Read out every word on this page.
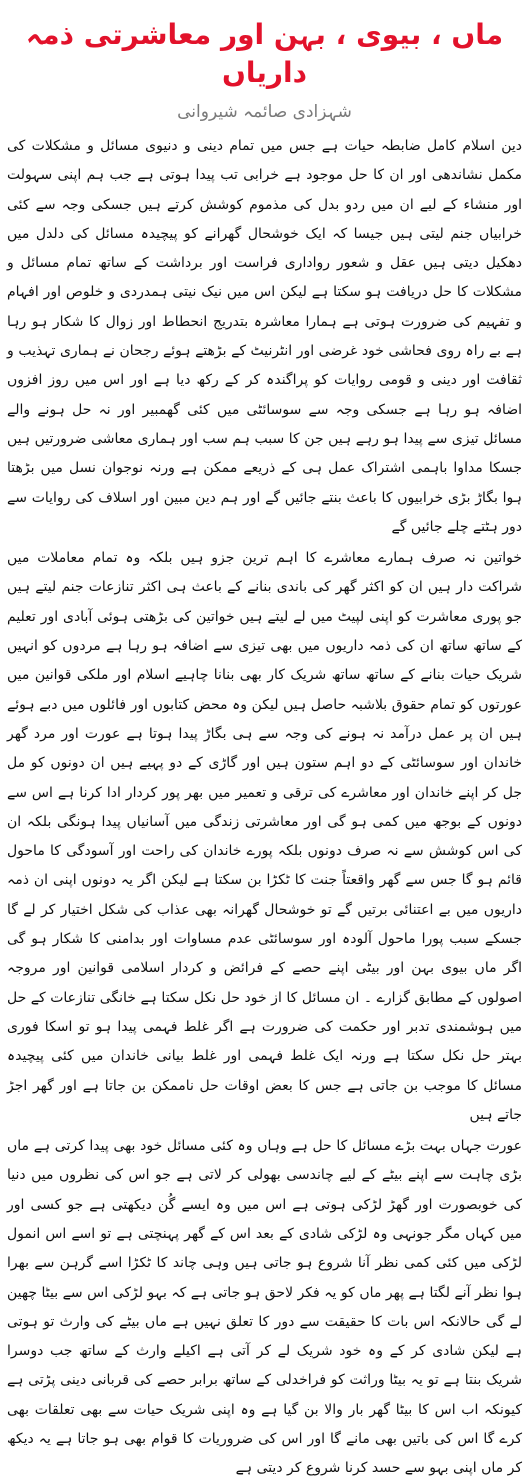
ماں ، بیوی ، بہن اور معاشرتی ذمہ داریاں

شہزادی صائمہ شیروانی

دین اسلام کامل ضابطہ حیات ہے جس میں تمام دینی و دنیوی مسائل و مشکلات کی مکمل نشاندھی اور ان کا حل موجود ہے خرابی تب پیدا ہوتی ہے جب ہم اپنی سہولت اور منشاء کے لیے ان میں ردو بدل کی مذموم کوشش کرتے ہیں جسکی وجہ سے کئی خرابیاں جنم لیتی ہیں جیسا کہ ایک خوشحال گھرانے کو پیچیدہ مسائل کی دلدل میں دھکیل دیتی ہیں عقل و شعور رواداری فراست اور برداشت کے ساتھ تمام مسائل و مشکلات کا حل دریافت ہو سکتا ہے لیکن اس میں نیک نیتی ہمدردی و خلوص اور افہام و تفہیم کی ضرورت ہوتی ہے ہمارا معاشرہ بتدریج انحطاط اور زوال کا شکار ہو رہا ہے بے راہ روی فحاشی خود غرضی اور انٹرنیٹ کے بڑھتے ہوئے رجحان نے ہماری تہذیب و ثقافت اور دینی و قومی روایات کو پراگندہ کر کے رکھ دیا ہے اور اس میں روز افزوں اضافہ ہو رہا ہے جسکی وجہ سے سوسائٹی میں کئی گھمبیر اور نہ حل ہونے والے مسائل تیزی سے پیدا ہو رہے ہیں جن کا سبب ہم سب اور ہماری معاشی ضرورتیں ہیں جسکا مداوا باہمی اشتراک عمل ہی کے ذریعے ممکن ہے ورنہ نوجوان نسل میں بڑھتا ہوا بگاڑ بڑی خرابیوں کا باعث بنتے جائیں گے اور ہم دین مبین اور اسلاف کی روایات سے دور ہٹتے چلے جائیں گے

خواتین نہ صرف ہمارے معاشرے کا اہم ترین جزو ہیں بلکہ وہ تمام معاملات میں شراکت دار ہیں ان کو اکثر گھر کی باندی بنانے کے باعث ہی اکثر تنازعات جنم لیتے ہیں جو پوری معاشرت کو اپنی لپیٹ میں لے لیتے ہیں خواتین کی بڑھتی ہوئی آبادی اور تعلیم کے ساتھ ساتھ ان کی ذمہ داریوں میں بھی تیزی سے اضافہ ہو رہا ہے مردوں کو انہیں شریک حیات بنانے کے ساتھ ساتھ شریک کار بھی بنانا چاہیے اسلام اور ملکی قوانین میں عورتوں کو تمام حقوق بلاشبہ حاصل ہیں لیکن وہ محض کتابوں اور فائلوں میں دبے ہوئے ہیں ان پر عمل درآمد نہ ہونے کی وجہ سے ہی بگاڑ پیدا ہوتا ہے عورت اور مرد گھر خاندان اور سوسائٹی کے دو اہم ستون ہیں اور گاڑی کے دو پہیے ہیں ان دونوں کو مل جل کر اپنے خاندان اور معاشرے کی ترقی و تعمیر میں بھر پور کردار ادا کرنا ہے اس سے دونوں کے بوجھ میں کمی ہو گی اور معاشرتی زندگی میں آسانیاں پیدا ہونگی بلکہ ان کی اس کوشش سے نہ صرف دونوں بلکہ پورے خاندان کی راحت اور آسودگی کا ماحول قائم ہو گا جس سے گھر واقعتاً جنت کا ٹکڑا بن سکتا ہے لیکن اگر یہ دونوں اپنی ان ذمہ داریوں میں بے اعتنائی برتیں گے تو خوشحال گھرانہ بھی عذاب کی شکل اختیار کر لے گا جسکے سبب پورا ماحول آلودہ اور سوسائٹی عدم مساوات اور بدامنی کا شکار ہو گی اگر ماں بیوی بہن اور بیٹی اپنے حصے کے فرائض و کردار اسلامی قوانین اور مروجہ اصولوں کے مطابق گزارے ۔ ان مسائل کا از خود حل نکل سکتا ہے خانگی تنازعات کے حل میں ہوشمندی تدبر اور حکمت کی ضرورت ہے اگر غلط فہمی پیدا ہو تو اسکا فوری بہتر حل نکل سکتا ہے ورنہ ایک غلط فہمی اور غلط بیانی خاندان میں کئی پیچیدہ مسائل کا موجب بن جاتی ہے جس کا بعض اوقات حل ناممکن بن جاتا ہے اور گھر اجڑ جاتے ہیں

عورت جہاں بہت بڑے مسائل کا حل ہے وہاں وہ کئی مسائل خود بھی پیدا کرتی ہے ماں بڑی چاہت سے اپنے بیٹے کے لیے چاندسی بھولی کر لاتی ہے جو اس کی نظروں میں دنیا کی خوبصورت اور گھڑ لڑکی ہوتی ہے اس میں وہ ایسے گُن دیکھتی ہے جو کسی اور میں کہاں مگر جونہی وہ لڑکی شادی کے بعد اس کے گھر پہنچتی ہے تو اسے اس انمول لڑکی میں کئی کمی نظر آنا شروع ہو جاتی ہیں وہی چاند کا ٹکڑا اسے گرہن سے بھرا ہوا نظر آنے لگتا ہے پھر ماں کو یہ فکر لاحق ہو جاتی ہے کہ بہو لڑکی اس سے بیٹا چھین لے گی حالانکہ اس بات کا حقیقت سے دور کا تعلق نہیں ہے ماں بیٹے کی وارث تو ہوتی ہے لیکن شادی کر کے وہ خود شریک لے کر آتی ہے اکیلے وارث کے ساتھ جب دوسرا شریک بنتا ہے تو یہ بیٹا وراثت کو فراخدلی کے ساتھ برابر حصے کی قربانی دینی پڑتی ہے کیونکہ اب اس کا بیٹا گھر بار والا بن گیا ہے وہ اپنی شریک حیات سے بھی تعلقات بھی کرے گا اس کی باتیں بھی مانے گا اور اس کی ضروریات کا قوام بھی ہو جاتا ہے یہ دیکھ کر ماں اپنی بہو سے حسد کرنا شروع کر دیتی ہے
